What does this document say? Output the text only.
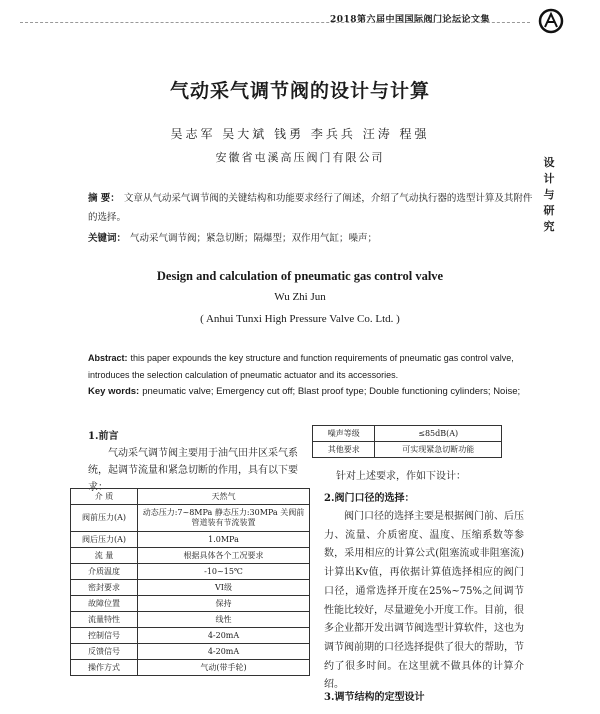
2018第六届中国国际阀门论坛论文集
设计与研究
气动采气调节阀的设计与计算
吴志军 吴大斌 钱勇 李兵兵 汪涛 程强
安徽省屯溪高压阀门有限公司
摘 要： 文章从气动采气调节阀的关键结构和功能要求经行了阐述，介绍了气动执行器的选型计算及其附件的选择。
关键词： 气动采气调节阀；紧急切断；隔爆型；双作用气缸；噪声；
Design and calculation of pneumatic gas control valve
Wu Zhi Jun
( Anhui Tunxi High Pressure Valve Co. Ltd. )
Abstract: this paper expounds the key structure and function requirements of pneumatic gas control valve, introduces the selection calculation of pneumatic actuator and its accessories.
Key words: pneumatic valve; Emergency cut off; Blast proof type; Double functioning cylinders; Noise;
1.前言
气动采气调节阀主要用于油气田井区采气系统，起调节流量和紧急切断的作用，具有以下要求：
介 质	天然气
阀前压力(A)	动态压力:7~8MPa 静态压力:30MPa 关阀前管道装有节流装置
阀后压力(A)	1.0MPa
流 量	根据具体各个工况要求
介质温度	-10~15℃
密封要求	VI级
故障位置	保持
流量特性	线性
控制信号	4-20mA
反馈信号	4-20mA
操作方式	气动(带手轮)
噪声等级	≤85dB(A)
其他要求	可实现紧急切断功能
针对上述要求，作如下设计：
2.阀门口径的选择：
阀门口径的选择主要是根据阀门前、后压力、流量、介质密度、温度、压缩系数等参数，采用相应的计算公式(阻塞流或非阻塞流)计算出Kv值，再依据计算值选择相应的阀门口径，通常选择开度在25%~75%之间调节性能比较好，尽量避免小开度工作。目前，很多企业都开发出调节阀选型计算软件，这也为调节阀前期的口径选择提供了很大的帮助，节约了很多时间。在这里就不做具体的计算介绍。
3.调节结构的定型设计
